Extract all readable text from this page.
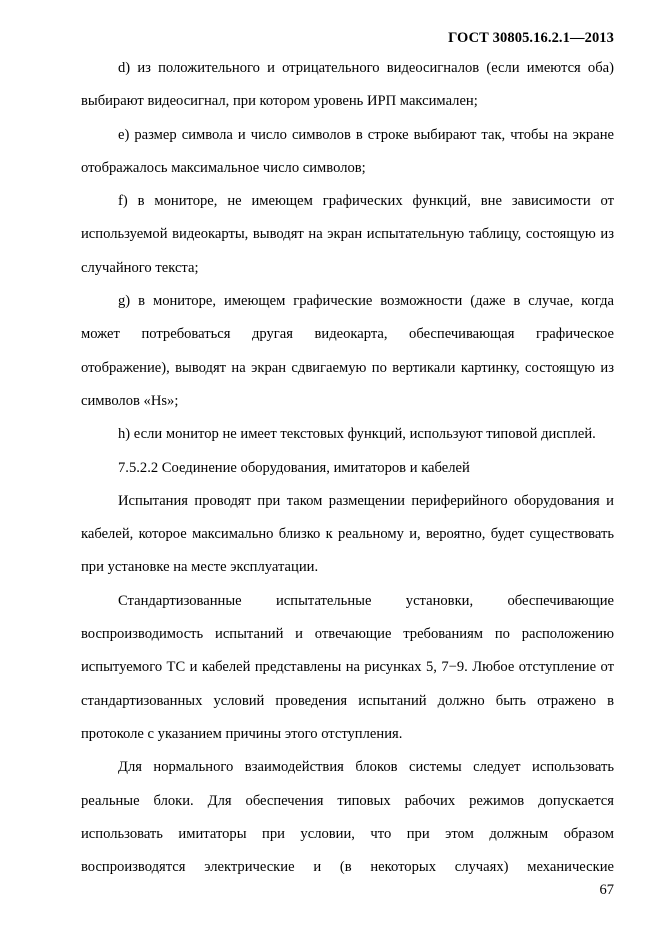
ГОСТ 30805.16.2.1—2013

d) из положительного и отрицательного видеосигналов (если имеются оба) выбирают видеосигнал, при котором уровень ИРП максимален;

e) размер символа и число символов в строке выбирают так, чтобы на экране отображалось максимальное число символов;

f) в мониторе, не имеющем графических функций, вне зависимости от используемой видеокарты, выводят на экран испытательную таблицу, состоящую из случайного текста;

g) в мониторе, имеющем графические возможности (даже в случае, когда может потребоваться другая видеокарта, обеспечивающая графическое отображение), выводят на экран сдвигаемую по вертикали картинку, состоящую из символов «Hs»;

h) если монитор не имеет текстовых функций, используют типовой дисплей.

7.5.2.2 Соединение оборудования, имитаторов и кабелей

Испытания проводят при таком размещении периферийного оборудования и кабелей, которое максимально близко к реальному и, вероятно, будет существовать при установке на месте эксплуатации.

Стандартизованные испытательные установки, обеспечивающие воспроизводимость испытаний и отвечающие требованиям по расположению испытуемого ТС и кабелей представлены на рисунках 5, 7−9. Любое отступление от стандартизованных условий проведения испытаний должно быть отражено в протоколе с указанием причины этого отступления.

Для нормального взаимодействия блоков системы следует использовать реальные блоки. Для обеспечения типовых рабочих режимов допускается использовать имитаторы при условии, что при этом должным образом воспроизводятся электрические и (в некоторых случаях) механические

67
